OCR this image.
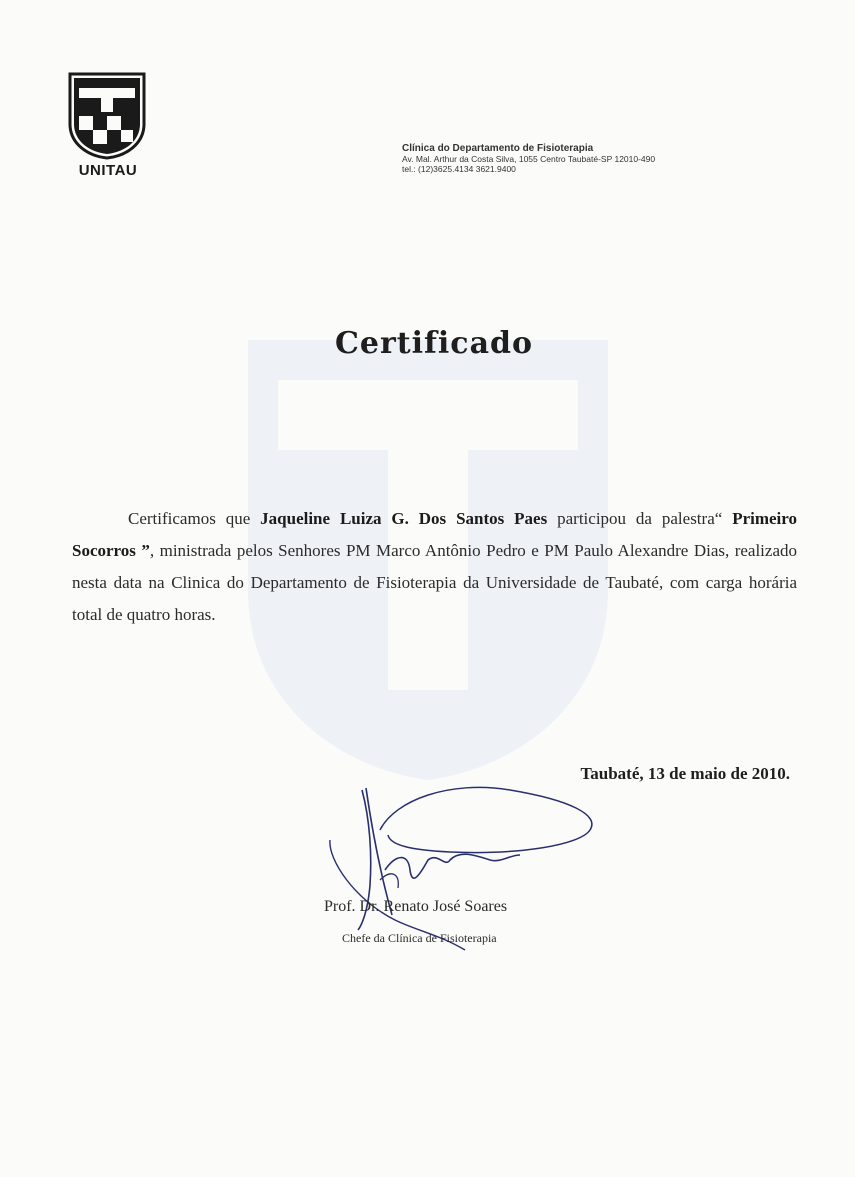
UNITAU
Clínica do Departamento de Fisioterapia
Av. Mal. Arthur da Costa Silva, 1055 Centro Taubaté-SP 12010-490
tel.: (12)3625.4134 3621.9400
Certificado
Certificamos que Jaqueline Luiza G. Dos Santos Paes participou da palestra“ Primeiro Socorros ”, ministrada pelos Senhores PM Marco Antônio Pedro e PM Paulo Alexandre Dias, realizado nesta data na Clinica do Departamento de Fisioterapia da Universidade de Taubaté, com carga horária total de quatro horas.
Taubaté, 13 de maio de 2010.
Prof. Dr. Renato José Soares
Chefe da Clínica de Fisioterapia
